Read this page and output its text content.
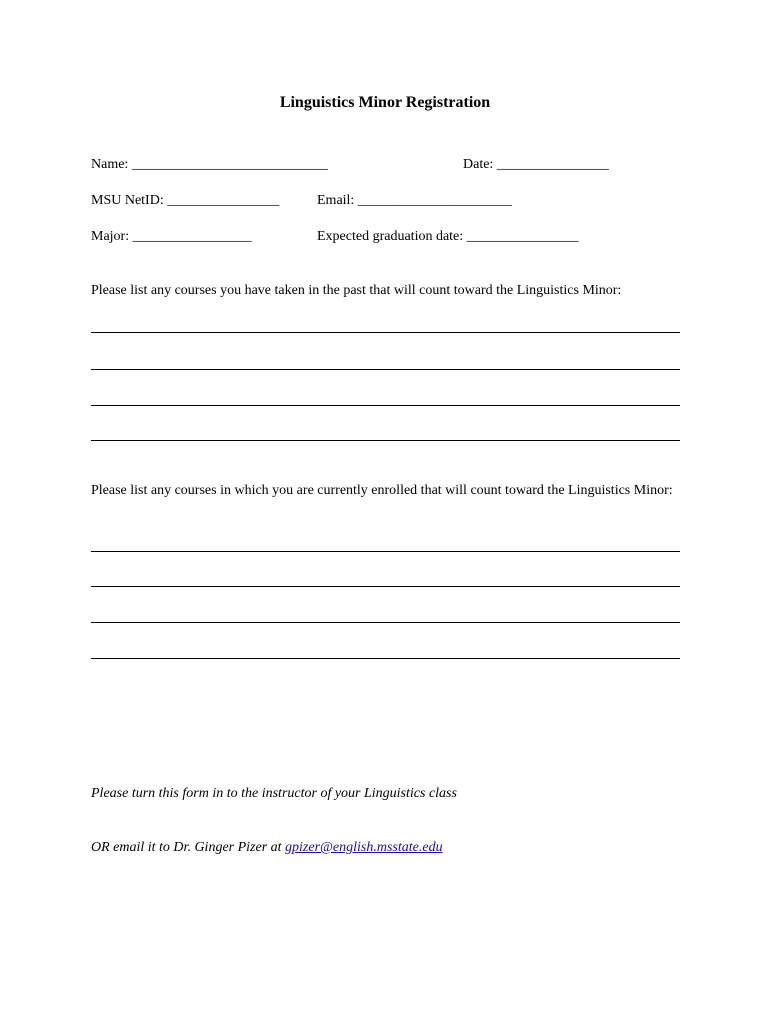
Linguistics Minor Registration
Name: ____________________________	Date: ________________
MSU NetID: ________________	Email: ______________________
Major: _________________	Expected graduation date: ________________
Please list any courses you have taken in the past that will count toward the Linguistics Minor:
Please list any courses in which you are currently enrolled that will count toward the Linguistics Minor:

Please turn this form in to the instructor of your Linguistics class

OR email it to Dr. Ginger Pizer at gpizer@english.msstate.edu
